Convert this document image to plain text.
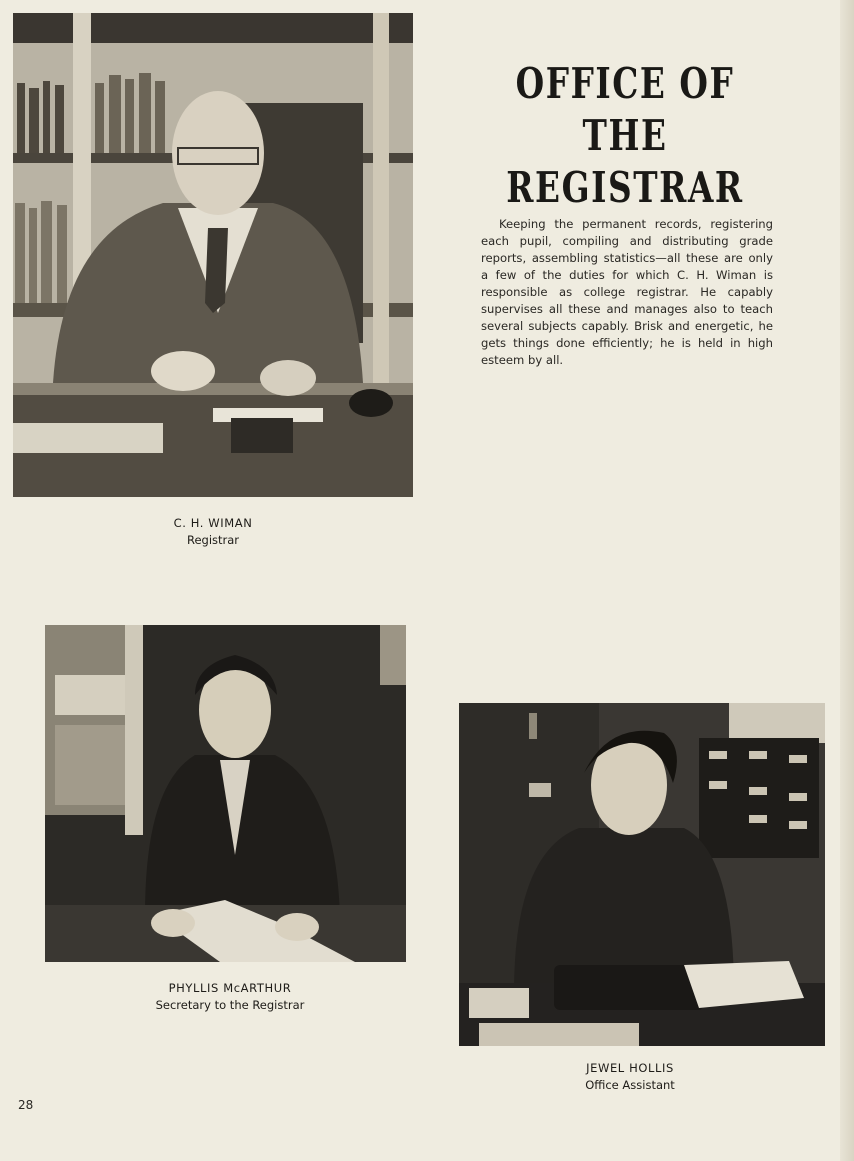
OFFICE OF THE
REGISTRAR
Keeping the permanent records, registering each pupil, compiling and distributing grade reports, assembling statistics—all these are only a few of the duties for which C. H. Wiman is responsible as college registrar. He capably supervises all these and manages also to teach several subjects capably. Brisk and energetic, he gets things done efficiently; he is held in high esteem by all.
C. H. WIMAN
Registrar
PHYLLIS McARTHUR
Secretary to the Registrar
JEWEL HOLLIS
Office Assistant
28
